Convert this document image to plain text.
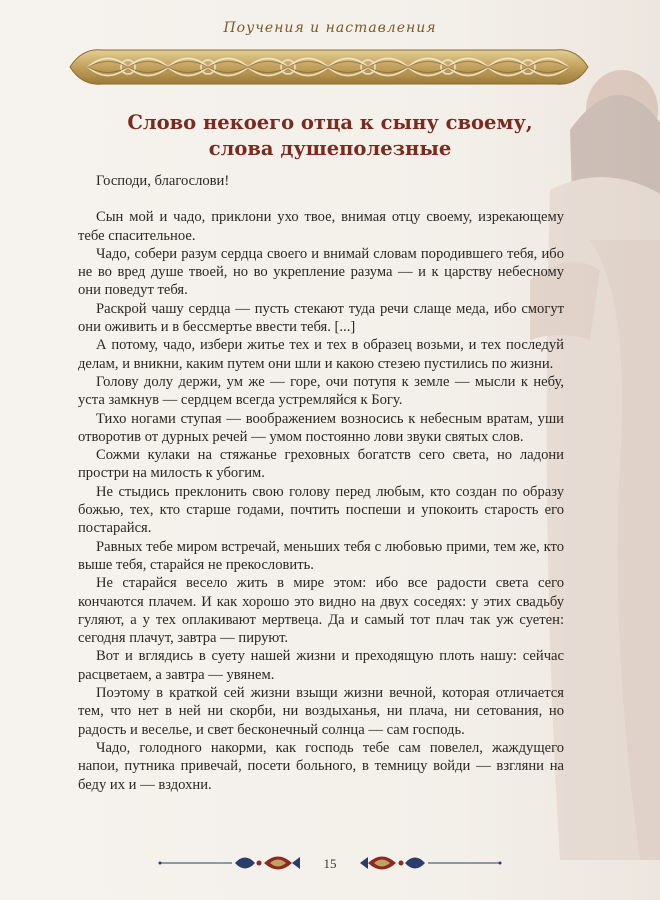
Поучения и наставления
Слово некоего отца к сыну своему,
слова душеполезные

Господи, благослови!

Сын мой и чадо, приклони ухо твое, внимая отцу своему, изрекающему тебе спасительное.

Чадо, собери разум сердца своего и внимай словам породившего тебя, ибо не во вред душе твоей, но во укрепление разума — и к царству небесному они поведут тебя.

Раскрой чашу сердца — пусть стекают туда речи слаще меда, ибо смогут они оживить и в бессмертье ввести тебя. [...]

А потому, чадо, избери житье тех и тех в образец возьми, и тех последуй делам, и вникни, каким путем они шли и какою стезею пустились по жизни.

Голову долу держи, ум же — горе, очи потупя к земле — мысли к небу, уста замкнув — сердцем всегда устремляйся к Богу.

Тихо ногами ступая — воображением возносись к небесным вратам, уши отворотив от дурных речей — умом постоянно лови звуки святых слов.

Сожми кулаки на стяжанье греховных богатств сего света, но ладони простри на милость к убогим.

Не стыдись преклонить свою голову перед любым, кто создан по образу божью, тех, кто старше годами, почтить поспеши и упокоить старость его постарайся.

Равных тебе миром встречай, меньших тебя с любовью прими, тем же, кто выше тебя, старайся не прекословить.

Не старайся весело жить в мире этом: ибо все радости света сего кончаются плачем. И как хорошо это видно на двух соседях: у этих свадьбу гуляют, а у тех оплакивают мертвеца. Да и самый тот плач так уж суетен: сегодня плачут, завтра — пируют.

Вот и вглядись в суету нашей жизни и преходящую плоть нашу: сейчас расцветаем, а завтра — увянем.

Поэтому в краткой сей жизни взыщи жизни вечной, которая отличается тем, что нет в ней ни скорби, ни воздыханья, ни плача, ни сетования, но радость и веселье, и свет бесконечный солнца — сам господь.

Чадо, голодного накорми, как господь тебе сам повелел, жаждущего напои, путника привечай, посети больного, в темницу войди — взгляни на беду их и — вздохни.

15
